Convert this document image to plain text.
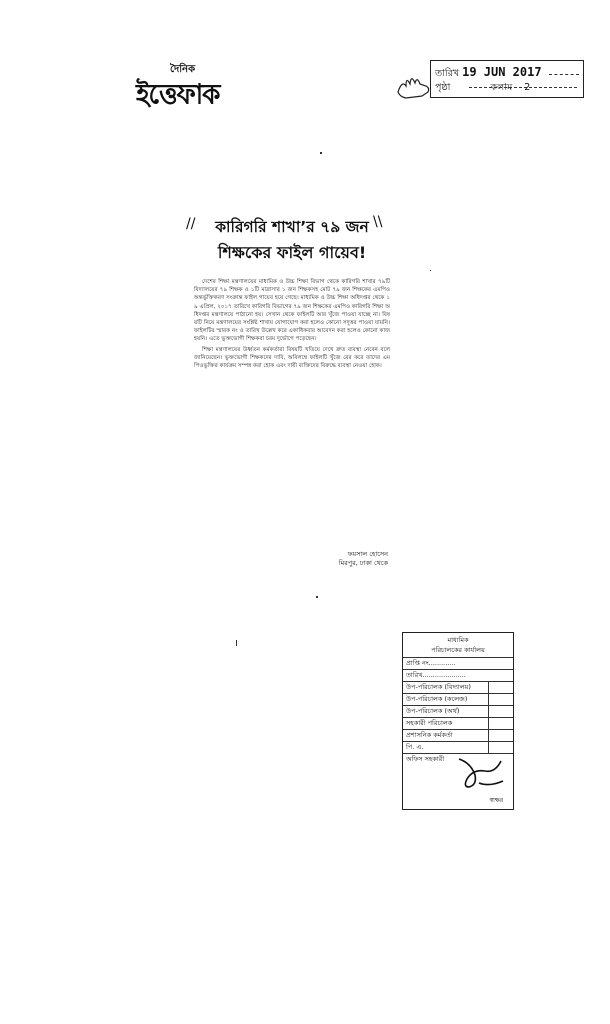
দৈনিক
ইত্তেফাক
তারিখ 19 JUN 2017
পৃষ্ঠা	কলাম 2
//	\\
কারিগরি শাখা’র ৭৯ জন
শিক্ষকের ফাইল গায়েব!

দেশের শিক্ষা মন্ত্রণালয়ের মাধ্যমিক ও উচ্চ শিক্ষা বিভাগ থেকে কারিগরি শাখার ৭৯টি বিদ্যালয়ের ৭৯ শিক্ষক ও ১টি মাদ্রাসার ১ জন শিক্ষকসহ মোট ৭৯ জন শিক্ষকের এমপিও অন্তর্ভুক্তিকরণ সংক্রান্ত ফাইল গায়েব হয়ে গেছে। মাধ্যমিক ও উচ্চ শিক্ষা অধিদপ্তর থেকে ১৯ এপ্রিল, ২০১৭ তারিখে কারিগরি বিভাগের ৭৯ জন শিক্ষকের এমপিও কারিগরি শিক্ষা অধিদপ্তর মন্ত্রণালয়ে পাঠানো হয়। সেখান থেকে ফাইলটি আর খুঁজে পাওয়া যাচ্ছে না। বিষয়টি নিয়ে মন্ত্রণালয়ের সংশ্লিষ্ট শাখায় যোগাযোগ করা হলেও কোনো সদুত্তর পাওয়া যায়নি। ফাইলটির স্মারক নং ও তারিখ উল্লেখ করে একাধিকবার আবেদন করা হলেও কোনো কাজ হয়নি। এতে ভুক্তভোগী শিক্ষকরা চরম দুর্ভোগে পড়েছেন।

শিক্ষা মন্ত্রণালয়ের উর্ধ্বতন কর্মকর্তারা বিষয়টি খতিয়ে দেখে দ্রুত ব্যবস্থা নেবেন বলে জানিয়েছেন। ভুক্তভোগী শিক্ষকদের দাবি, অবিলম্বে ফাইলটি খুঁজে বের করে তাদের এমপিওভুক্তির কার্যক্রম সম্পন্ন করা হোক এবং দায়ী ব্যক্তিদের বিরুদ্ধে ব্যবস্থা নেওয়া হোক।

ফয়সাল হোসেন
মিরপুর, ঢাকা থেকে
মাধ্যমিক
পরিচালকের কার্যালয়
প্রাপ্তি নং.............
তারিখ.....................
উপ-পরিচালক (বিদ্যালয়)
উপ-পরিচালক (কলেজ)
উপ-পরিচালক (অর্থ)
সহকারী পরিচালক
প্রশাসনিক কর্মকর্তা
পি. এ.
অফিস সহকারী
স্বাক্ষর
